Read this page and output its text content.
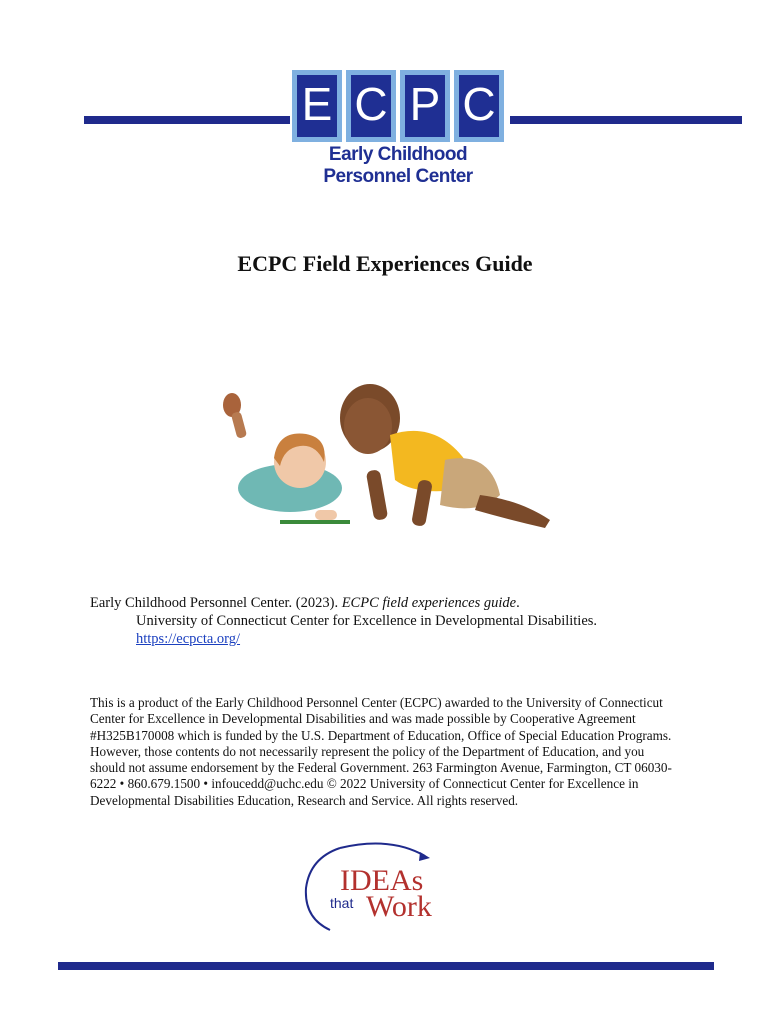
E C P C
Early Childhood Personnel Center
ECPC Field Experiences Guide
Early Childhood Personnel Center. (2023). ECPC field experiences guide.
University of Connecticut Center for Excellence in Developmental Disabilities.
https://ecpcta.org/
This is a product of the Early Childhood Personnel Center (ECPC) awarded to the University of Connecticut Center for Excellence in Developmental Disabilities and was made possible by Cooperative Agreement #H325B170008 which is funded by the U.S. Department of Education, Office of Special Education Programs. However, those contents do not necessarily represent the policy of the Department of Education, and you should not assume endorsement by the Federal Government. 263 Farmington Avenue, Farmington, CT 06030-6222 • 860.679.1500 • infoucedd@uchc.edu © 2022 University of Connecticut Center for Excellence in Developmental Disabilities Education, Research and Service. All rights reserved.
IDEAs
that Work
